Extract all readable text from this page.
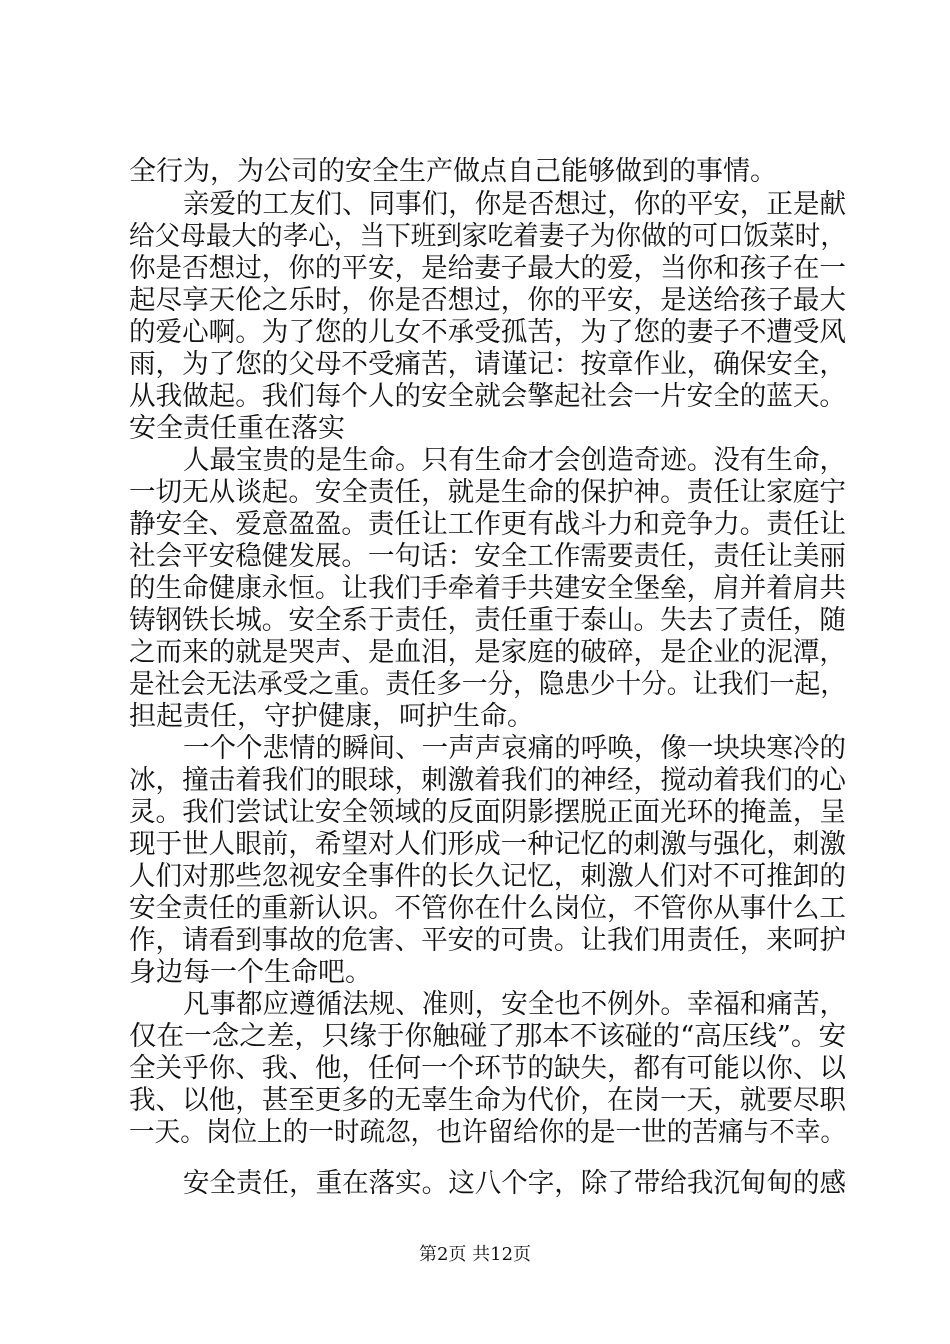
全行为，为公司的安全生产做点自己能够做到的事情。
亲爱的工友们、同事们，你是否想过，你的平安，正是献
给父母最大的孝心，当下班到家吃着妻子为你做的可口饭菜时，
你是否想过，你的平安，是给妻子最大的爱，当你和孩子在一
起尽享天伦之乐时，你是否想过，你的平安，是送给孩子最大
的爱心啊。为了您的儿女不承受孤苦，为了您的妻子不遭受风
雨，为了您的父母不受痛苦，请谨记：按章作业，确保安全，
从我做起。我们每个人的安全就会擎起社会一片安全的蓝天。
安全责任重在落实
人最宝贵的是生命。只有生命才会创造奇迹。没有生命，
一切无从谈起。安全责任，就是生命的保护神。责任让家庭宁
静安全、爱意盈盈。责任让工作更有战斗力和竞争力。责任让
社会平安稳健发展。一句话：安全工作需要责任，责任让美丽
的生命健康永恒。让我们手牵着手共建安全堡垒，肩并着肩共
铸钢铁长城。安全系于责任，责任重于泰山。失去了责任，随
之而来的就是哭声、是血泪，是家庭的破碎，是企业的泥潭，
是社会无法承受之重。责任多一分，隐患少十分。让我们一起，
担起责任，守护健康，呵护生命。
一个个悲情的瞬间、一声声哀痛的呼唤，像一块块寒冷的
冰，撞击着我们的眼球，刺激着我们的神经，搅动着我们的心
灵。我们尝试让安全领域的反面阴影摆脱正面光环的掩盖，呈
现于世人眼前，希望对人们形成一种记忆的刺激与强化，刺激
人们对那些忽视安全事件的长久记忆，刺激人们对不可推卸的
安全责任的重新认识。不管你在什么岗位，不管你从事什么工
作，请看到事故的危害、平安的可贵。让我们用责任，来呵护
身边每一个生命吧。
凡事都应遵循法规、准则，安全也不例外。幸福和痛苦，
仅在一念之差，只缘于你触碰了那本不该碰的“高压线”。安
全关乎你、我、他，任何一个环节的缺失，都有可能以你、以
我、以他，甚至更多的无辜生命为代价，在岗一天，就要尽职
一天。岗位上的一时疏忽，也许留给你的是一世的苦痛与不幸。
安全责任，重在落实。这八个字，除了带给我沉甸甸的感
第2页 共12页
